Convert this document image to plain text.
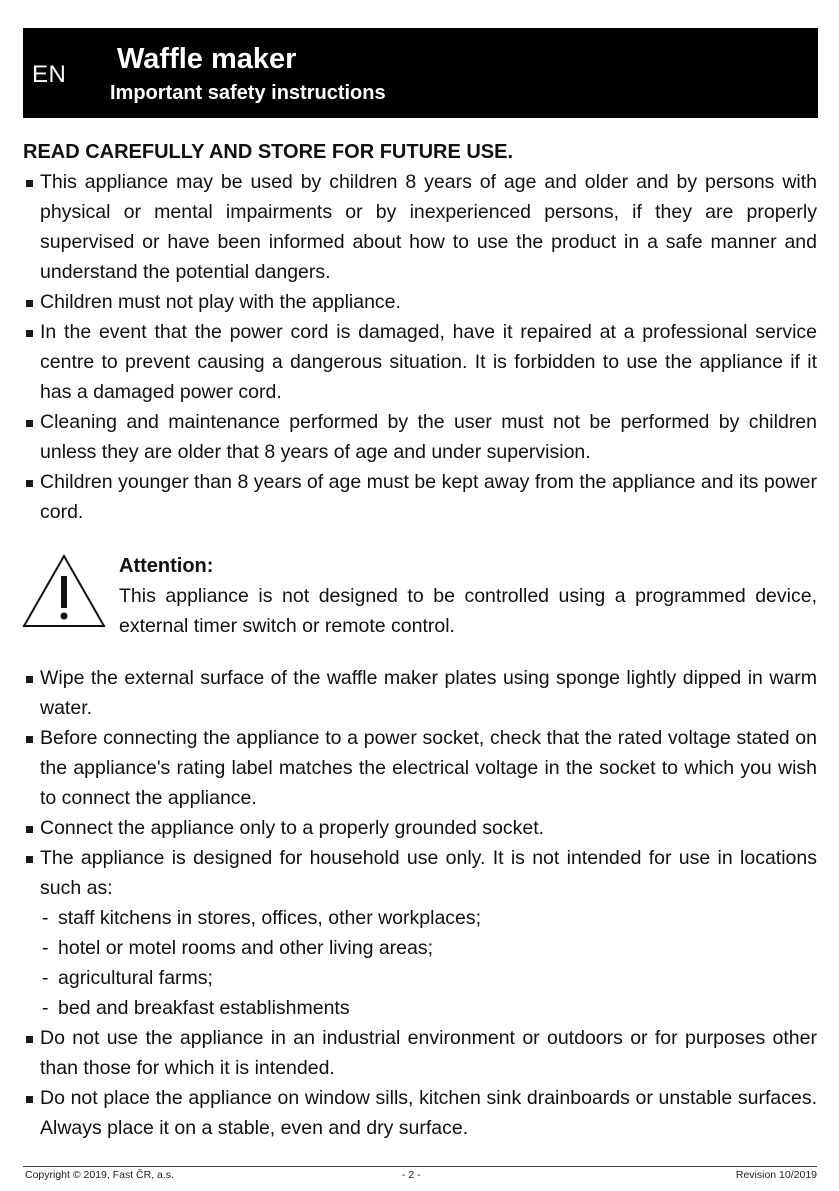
EN Waffle maker
Important safety instructions

READ CAREFULLY AND STORE FOR FUTURE USE.

This appliance may be used by children 8 years of age and older and by persons with physical or mental impairments or by inexperienced persons, if they are properly supervised or have been informed about how to use the product in a safe manner and understand the potential dangers.
Children must not play with the appliance.
In the event that the power cord is damaged, have it repaired at a professional service centre to prevent causing a dangerous situation. It is forbidden to use the appliance if it has a damaged power cord.
Cleaning and maintenance performed by the user must not be performed by children unless they are older that 8 years of age and under supervision.
Children younger than 8 years of age must be kept away from the appliance and its power cord.
Attention:
This appliance is not designed to be controlled using a programmed device, external timer switch or remote control.
Wipe the external surface of the waffle maker plates using sponge lightly dipped in warm water.
Before connecting the appliance to a power socket, check that the rated voltage stated on the appliance's rating label matches the electrical voltage in the socket to which you wish to connect the appliance.
Connect the appliance only to a properly grounded socket.
The appliance is designed for household use only. It is not intended for use in locations such as:
- staff kitchens in stores, offices, other workplaces;
- hotel or motel rooms and other living areas;
- agricultural farms;
- bed and breakfast establishments
Do not use the appliance in an industrial environment or outdoors or for purposes other than those for which it is intended.
Do not place the appliance on window sills, kitchen sink drainboards or unstable surfaces. Always place it on a stable, even and dry surface.
Copyright © 2019, Fast ČR, a.s.	- 2 -	Revision 10/2019
